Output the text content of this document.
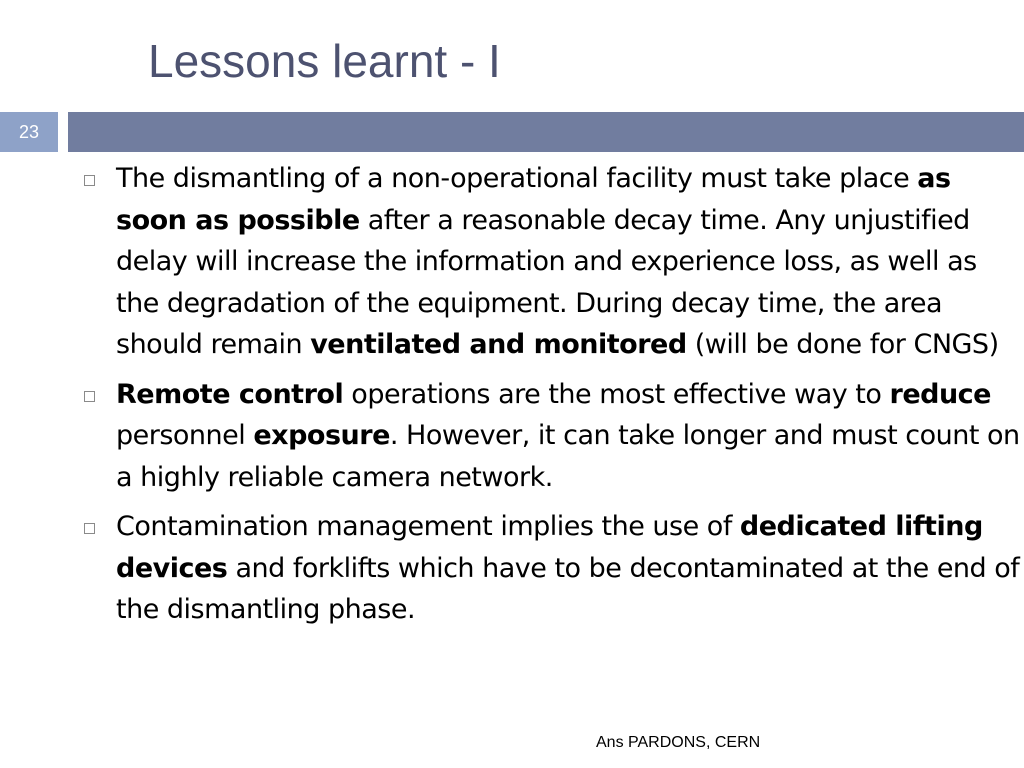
Lessons learnt - I
23
The dismantling of a non-operational facility must take place as soon as possible after a reasonable decay time. Any unjustified delay will increase the information and experience loss, as well as the degradation of the equipment. During decay time, the area should remain ventilated and monitored (will be done for CNGS)
Remote control operations are the most effective way to reduce personnel exposure. However, it can take longer and must count on a highly reliable camera network.
Contamination management implies the use of dedicated lifting devices and forklifts which have to be decontaminated at the end of the dismantling phase.
Ans PARDONS, CERN
